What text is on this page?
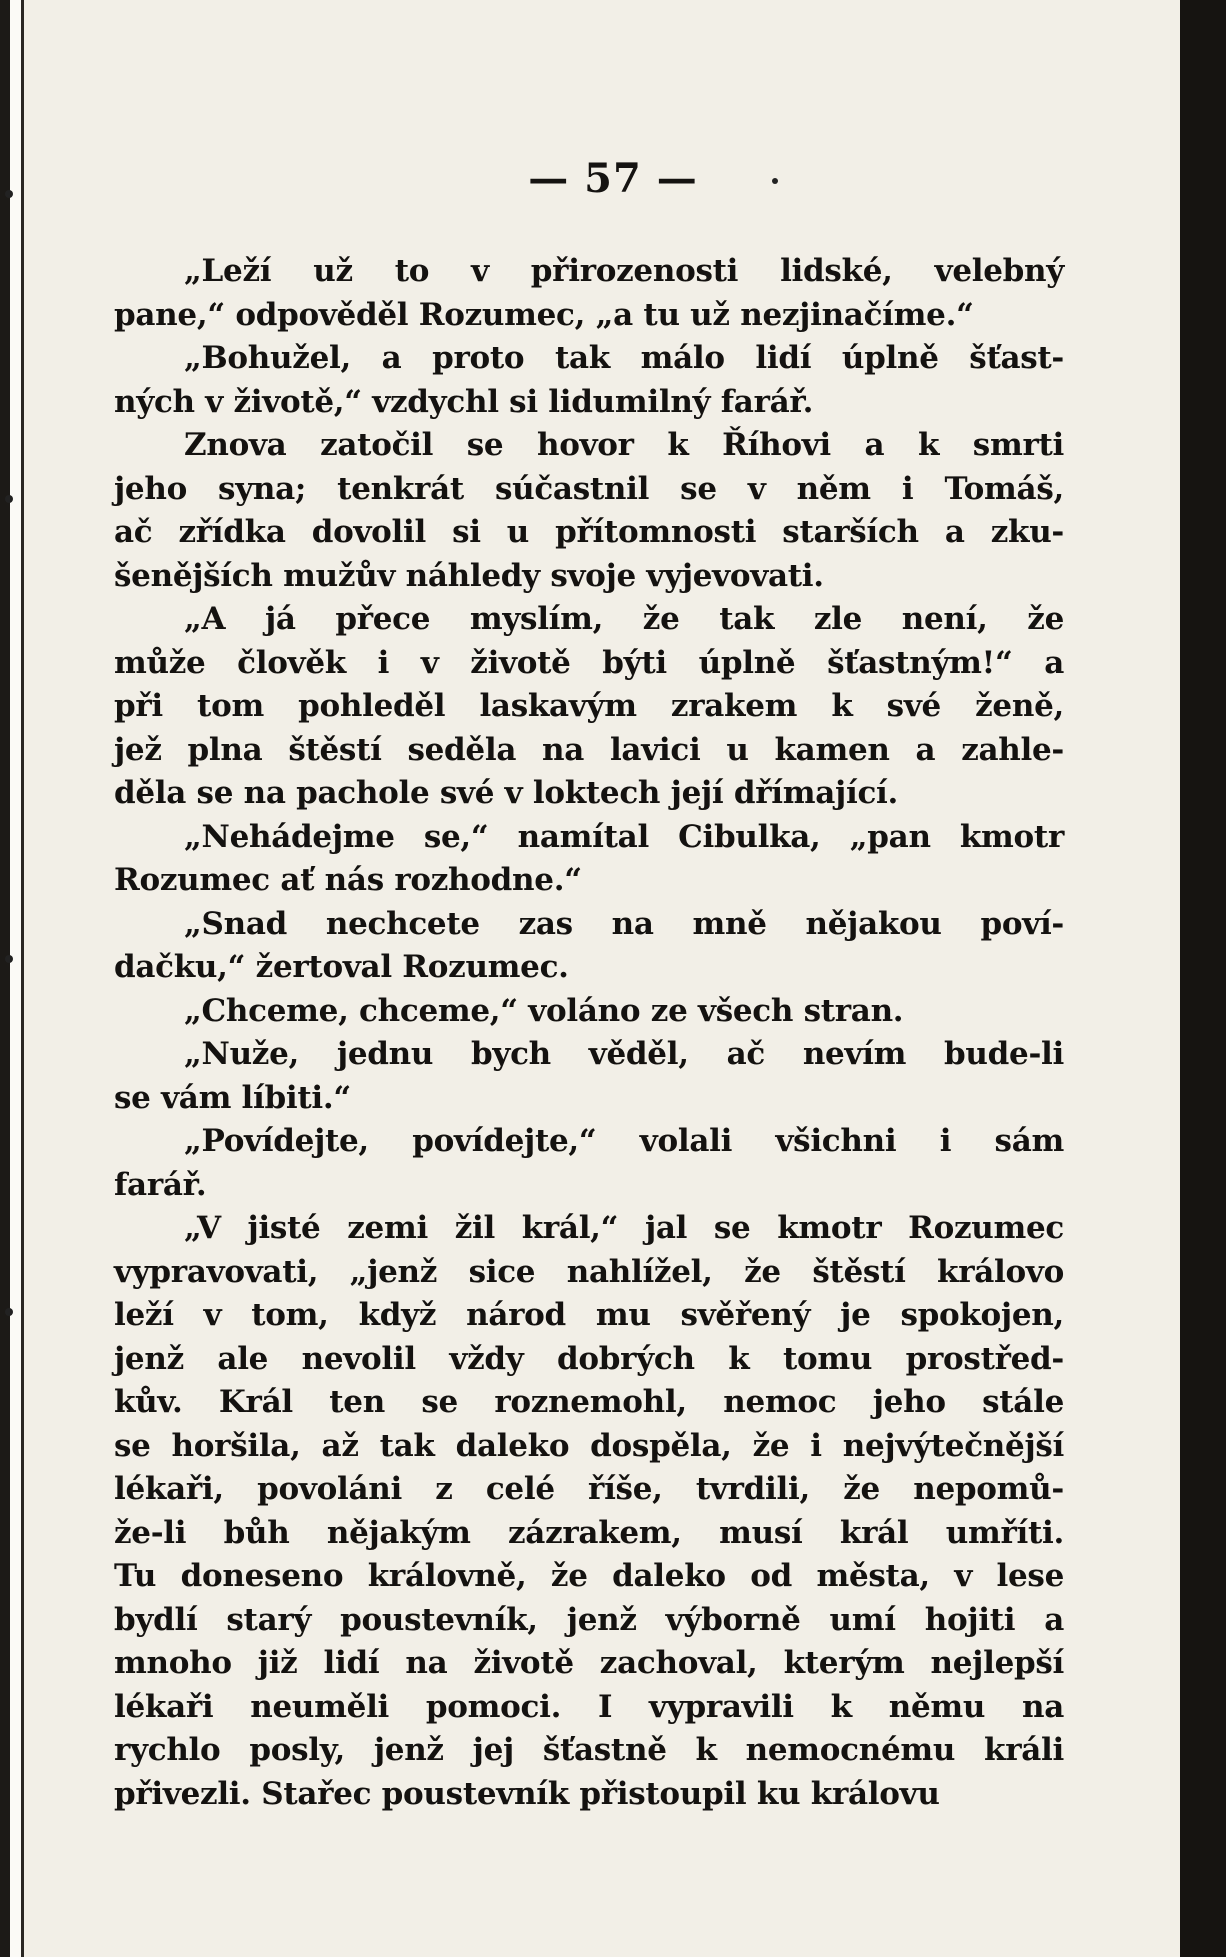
— 57 —
„Leží už to v přirozenosti lidské, velebný
pane,“ odpověděl Rozumec, „a tu už nezjinačíme.“
„Bohužel, a proto tak málo lidí úplně šťast-
ných v životě,“ vzdychl si lidumilný farář.
Znova zatočil se hovor k Říhovi a k smrti
jeho syna; tenkrát súčastnil se v něm i Tomáš,
ač zřídka dovolil si u přítomnosti starších a zku-
šenějších mužův náhledy svoje vyjevovati.
„A já přece myslím, že tak zle není, že
může člověk i v životě býti úplně šťastným!“ a
při tom pohleděl laskavým zrakem k své ženě,
jež plna štěstí seděla na lavici u kamen a zahle-
děla se na pachole své v loktech její dřímající.
„Nehádejme se,“ namítal Cibulka, „pan kmotr
Rozumec ať nás rozhodne.“
„Snad nechcete zas na mně nějakou poví-
dačku,“ žertoval Rozumec.
„Chceme, chceme,“ voláno ze všech stran.
„Nuže, jednu bych věděl, ač nevím bude-li
se vám líbiti.“
„Povídejte, povídejte,“ volali všichni i sám
farář.
„V jisté zemi žil král,“ jal se kmotr Rozumec
vypravovati, „jenž sice nahlížel, že štěstí královo
leží v tom, když národ mu svěřený je spokojen,
jenž ale nevolil vždy dobrých k tomu prostřed-
kův. Král ten se roznemohl, nemoc jeho stále
se horšila, až tak daleko dospěla, že i nejvýtečnější
lékaři, povoláni z celé říše, tvrdili, že nepomů-
že-li bůh nějakým zázrakem, musí král umříti.
Tu doneseno královně, že daleko od města, v lese
bydlí starý poustevník, jenž výborně umí hojiti a
mnoho již lidí na životě zachoval, kterým nejlepší
lékaři neuměli pomoci. I vypravili k němu na
rychlo posly, jenž jej šťastně k nemocnému králi
přivezli. Stařec poustevník přistoupil ku královu
